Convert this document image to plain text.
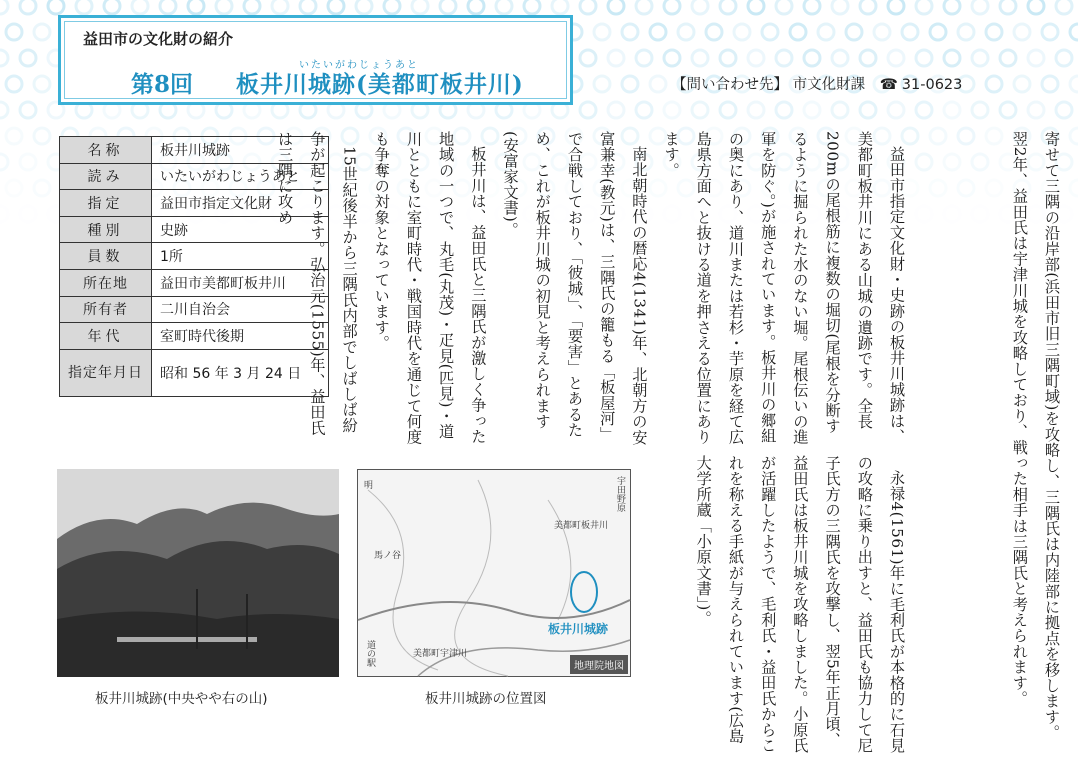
益田市の文化財の紹介
いたいがわじょうあと
第8回 板井川城跡(美都町板井川)	【問い合わせ先】 市文化財課 ☎ 31-0623
名称	板井川城跡
読み	いたいがわじょうあと
指定	益田市指定文化財
種別	史跡
員数	1所
所在地	益田市美都町板井川
所有者	二川自治会
年代	室町時代後期
指定年月日	昭和 56 年 3 月 24 日	益田市指定文化財・史跡の板井川城跡は、美都町板井川にある山城の遺跡です。全長200mの尾根筋に複数の堀切(尾根を分断するように掘られた水のない堀。尾根伝いの進軍を防ぐ。)が施されています。板井川の郷組の奥にあり、道川または若杉・芋原を経て広島県方面へと抜ける道を押さえる位置にあります。

南北朝時代の暦応4(1341)年、北朝方の安富兼幸(教元)は、三隅氏の籠もる「板屋河」で合戦しており、「彼城」、「要害」とあるため、これが板井川城の初見と考えられます(安富家文書)。

板井川は、益田氏と三隅氏が激しく争った地域の一つで、丸毛(丸茂)・疋見(匹見)・道川とともに室町時代・戦国時代を通じて何度も争奪の対象となっています。

15世紀後半から三隅氏内部でしばしば紛争が起こります。弘治元(1555)年、益田氏は三隅に攻め	寄せて三隅の沿岸部(浜田市旧三隅町域)を攻略し、三隅氏は内陸部に拠点を移します。翌2年、益田氏は宇津川城を攻略しており、戦った相手は三隅氏と考えられます。

永禄4(1561)年に毛利氏が本格的に石見の攻略に乗り出すと、益田氏も協力して尼子氏方の三隅氏を攻撃し、翌5年正月頃、益田氏は板井川城を攻略しました。小原氏が活躍したようで、毛利氏・益田氏からこれを称える手紙が与えられています(広島大学所蔵「小原文書」)。

板井川城跡(中央やや右の山)
美都町板井川
馬ノ谷
美都町宇津川
宇田野原
道の駅
明
板井川城跡
地理院地図
板井川城跡の位置図
